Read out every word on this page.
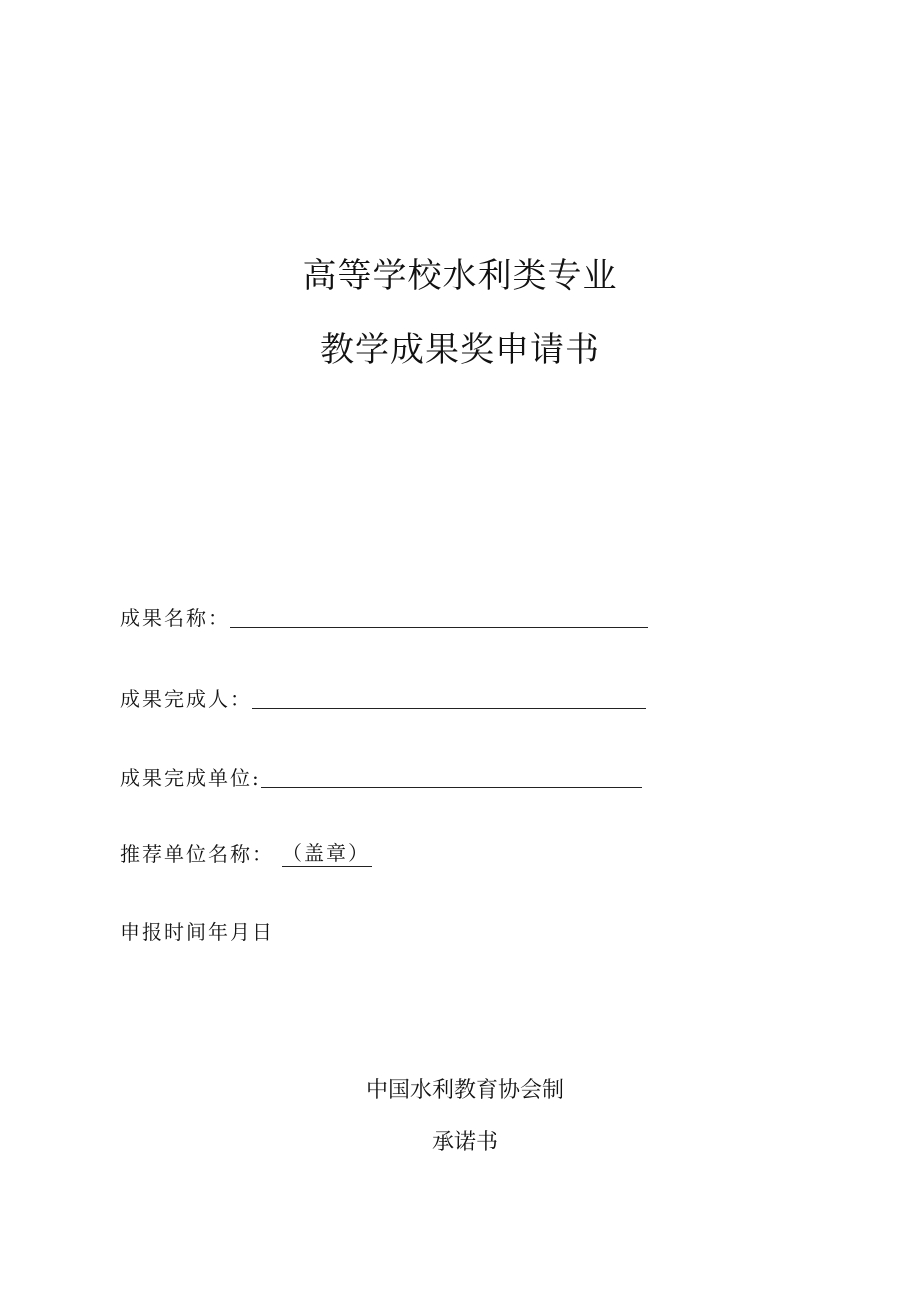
高等学校水利类专业
教学成果奖申请书
成果名称：
成果完成人：
成果完成单位:
推荐单位名称： （盖章）
申报时间年月日
中国水利教育协会制
承诺书
